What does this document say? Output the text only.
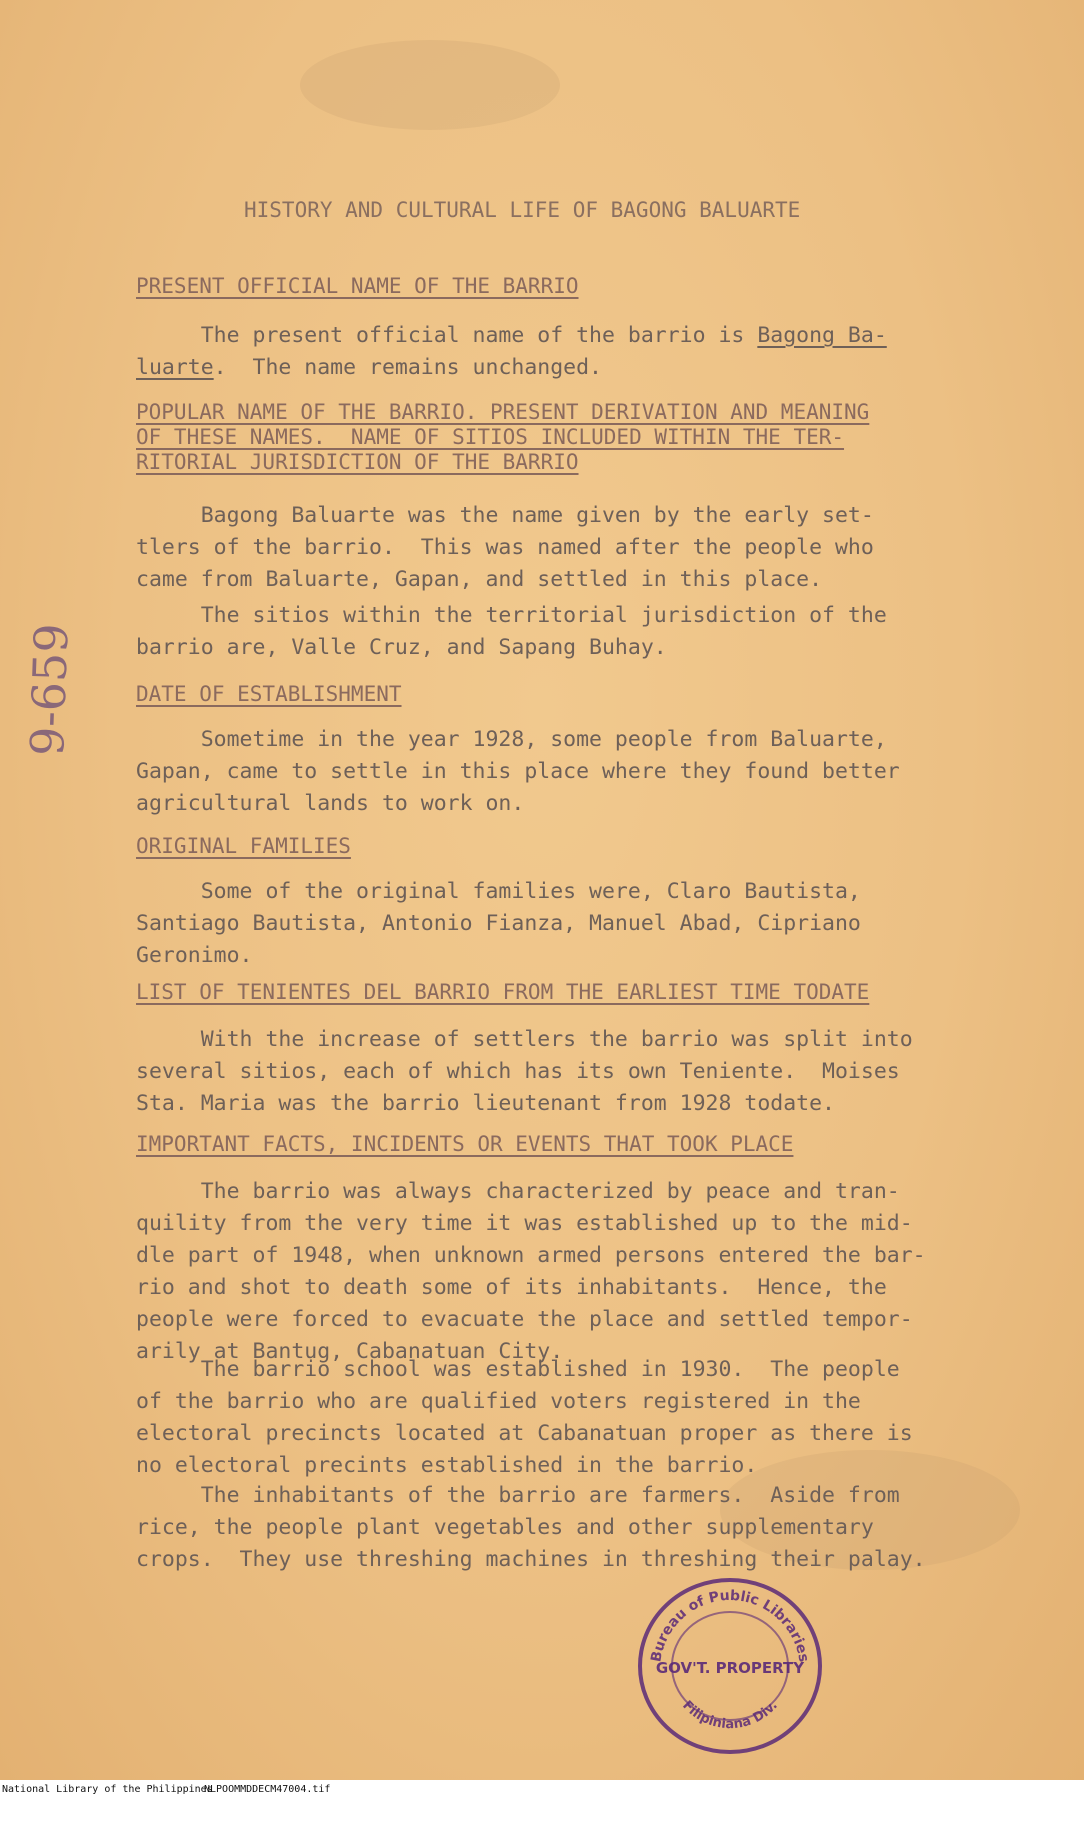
HISTORY AND CULTURAL LIFE OF BAGONG BALUARTE

PRESENT OFFICIAL NAME OF THE BARRIO

The present official name of the barrio is Bagong Ba-
luarte.  The name remains unchanged.

POPULAR NAME OF THE BARRIO. PRESENT DERIVATION AND MEANING
OF THESE NAMES.  NAME OF SITIOS INCLUDED WITHIN THE TER-
RITORIAL JURISDICTION OF THE BARRIO
Bagong Baluarte was the name given by the early set-
tlers of the barrio.  This was named after the people who
came from Baluarte, Gapan, and settled in this place.
The sitios within the territorial jurisdiction of the
barrio are, Valle Cruz, and Sapang Buhay.

DATE OF ESTABLISHMENT

Sometime in the year 1928, some people from Baluarte,
Gapan, came to settle in this place where they found better
agricultural lands to work on.

ORIGINAL FAMILIES

Some of the original families were, Claro Bautista,
Santiago Bautista, Antonio Fianza, Manuel Abad, Cipriano
Geronimo.

LIST OF TENIENTES DEL BARRIO FROM THE EARLIEST TIME TODATE

With the increase of settlers the barrio was split into
several sitios, each of which has its own Teniente.  Moises
Sta. Maria was the barrio lieutenant from 1928 todate.

IMPORTANT FACTS, INCIDENTS OR EVENTS THAT TOOK PLACE

The barrio was always characterized by peace and tran-
quility from the very time it was established up to the mid-
dle part of 1948, when unknown armed persons entered the bar-
rio and shot to death some of its inhabitants.  Hence, the
people were forced to evacuate the place and settled tempor-
arily at Bantug, Cabanatuan City.
The barrio school was established in 1930.  The people
of the barrio who are qualified voters registered in the
electoral precincts located at Cabanatuan proper as there is
no electoral precints established in the barrio.
The inhabitants of the barrio are farmers.  Aside from
rice, the people plant vegetables and other supplementary
crops.  They use threshing machines in threshing their palay.
9-659
Bureau of Public Libraries
GOV'T. PROPERTY
Filipiniana Div.

National Library of the Philippines

NLPOOMMDDECM47004.tif
